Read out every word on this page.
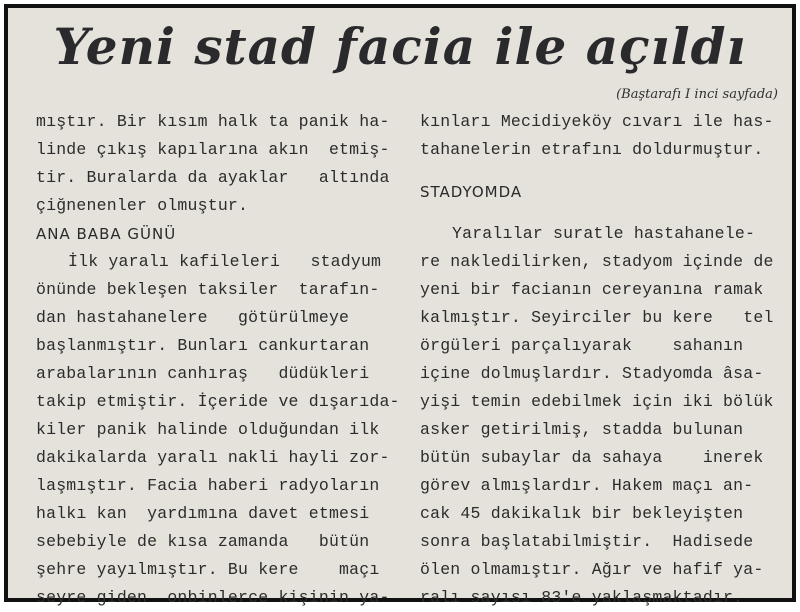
Yeni stad facia ile açıldı
(Baştarafı I inci sayfada)
mıştır. Bir kısım halk ta panik ha-
linde çıkış kapılarına akın  etmiş-
tir. Buralarda da ayaklar   altında
çiğnenenler olmuştur.
ANA BABA GÜNÜ
İlk yaralı kafileleri   stadyum
önünde bekleşen taksiler  tarafın-
dan hastahanelere   götürülmeye
başlanmıştır. Bunları cankurtaran
arabalarının canhıraş   düdükleri
takip etmiştir. İçeride ve dışarıda-
kiler panik halinde olduğundan ilk
dakikalarda yaralı nakli hayli zor-
laşmıştır. Facia haberi radyoların
halkı kan  yardımına davet etmesi
sebebiyle de kısa zamanda   bütün
şehre yayılmıştır. Bu kere    maçı
seyre giden  onbinlerce kişinin ya-
kınları Mecidiyeköy cıvarı ile has-
tahanelerin etrafını doldurmuştur.
STADYOMDA
Yaralılar suratle hastahanele-
re nakledilirken, stadyom içinde de
yeni bir facianın cereyanına ramak
kalmıştır. Seyirciler bu kere   tel
örgüleri parçalıyarak    sahanın
içine dolmuşlardır. Stadyomda âsa-
yişi temin edebilmek için iki bölük
asker getirilmiş, stadda bulunan
bütün subaylar da sahaya    inerek
görev almışlardır. Hakem maçı an-
cak 45 dakikalık bir bekleyişten
sonra başlatabilmiştir.  Hadisede
ölen olmamıştır. Ağır ve hafif ya-
ralı sayısı 83'e yaklaşmaktadır.
